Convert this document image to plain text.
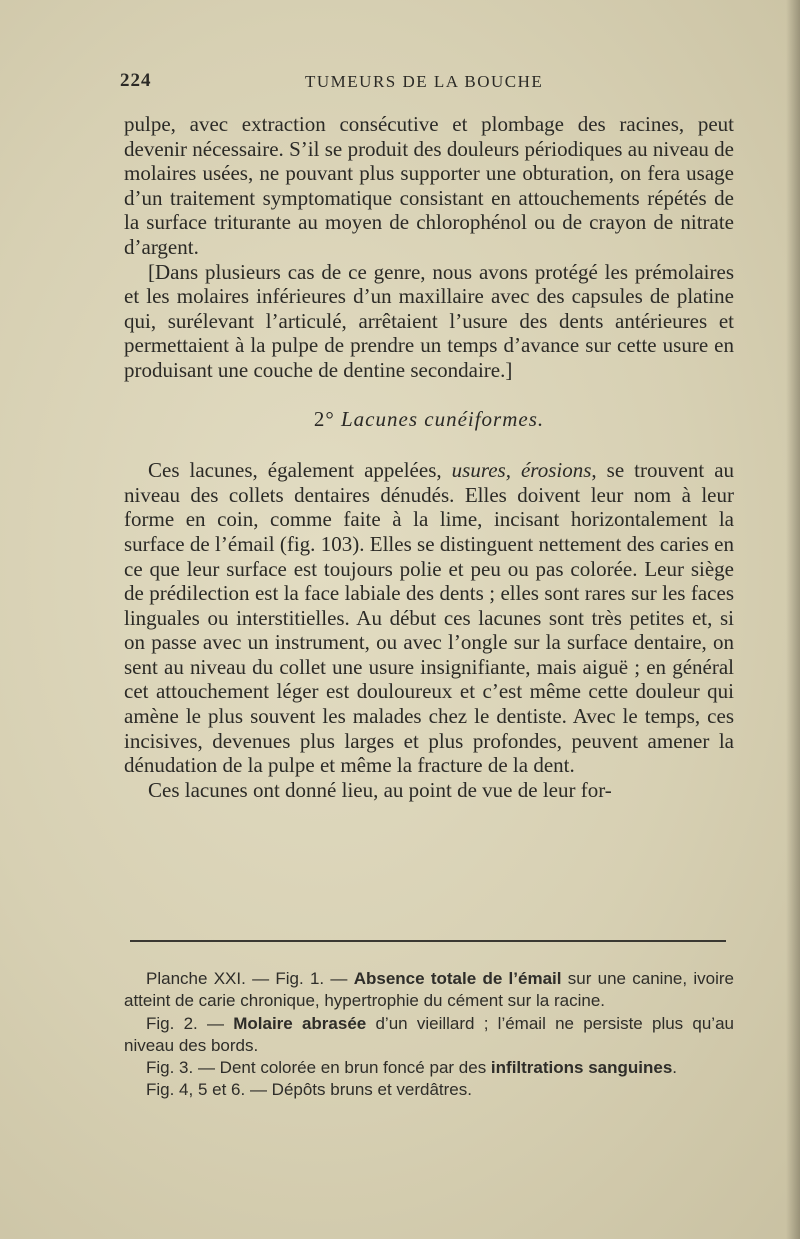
224	TUMEURS DE LA BOUCHE

pulpe, avec extraction consécutive et plombage des racines, peut devenir nécessaire. S’il se produit des douleurs périodiques au niveau de molaires usées, ne pouvant plus supporter une obturation, on fera usage d’un traitement symptomatique consistant en attouchements répétés de la surface triturante au moyen de chlorophénol ou de crayon de nitrate d’argent.

[Dans plusieurs cas de ce genre, nous avons protégé les prémolaires et les molaires inférieures d’un maxillaire avec des capsules de platine qui, surélevant l’articulé, arrêtaient l’usure des dents antérieures et permettaient à la pulpe de prendre un temps d’avance sur cette usure en produisant une couche de dentine secondaire.]

2° Lacunes cunéiformes.

Ces lacunes, également appelées, usures, érosions, se trouvent au niveau des collets dentaires dénudés. Elles doivent leur nom à leur forme en coin, comme faite à la lime, incisant horizontalement la surface de l’émail (fig. 103). Elles se distinguent nettement des caries en ce que leur surface est toujours polie et peu ou pas colorée. Leur siège de prédilection est la face labiale des dents ; elles sont rares sur les faces linguales ou interstitielles. Au début ces lacunes sont très petites et, si on passe avec un instrument, ou avec l’ongle sur la surface dentaire, on sent au niveau du collet une usure insignifiante, mais aiguë ; en général cet attouchement léger est douloureux et c’est même cette douleur qui amène le plus souvent les malades chez le dentiste. Avec le temps, ces incisives, devenues plus larges et plus profondes, peuvent amener la dénudation de la pulpe et même la fracture de la dent.

Ces lacunes ont donné lieu, au point de vue de leur for-

Planche XXI. — Fig. 1. — Absence totale de l’émail sur une canine, ivoire atteint de carie chronique, hypertrophie du cément sur la racine.

Fig. 2. — Molaire abrasée d’un vieillard ; l’émail ne persiste plus qu’au niveau des bords.

Fig. 3. — Dent colorée en brun foncé par des infiltrations sanguines.

Fig. 4, 5 et 6. — Dépôts bruns et verdâtres.
